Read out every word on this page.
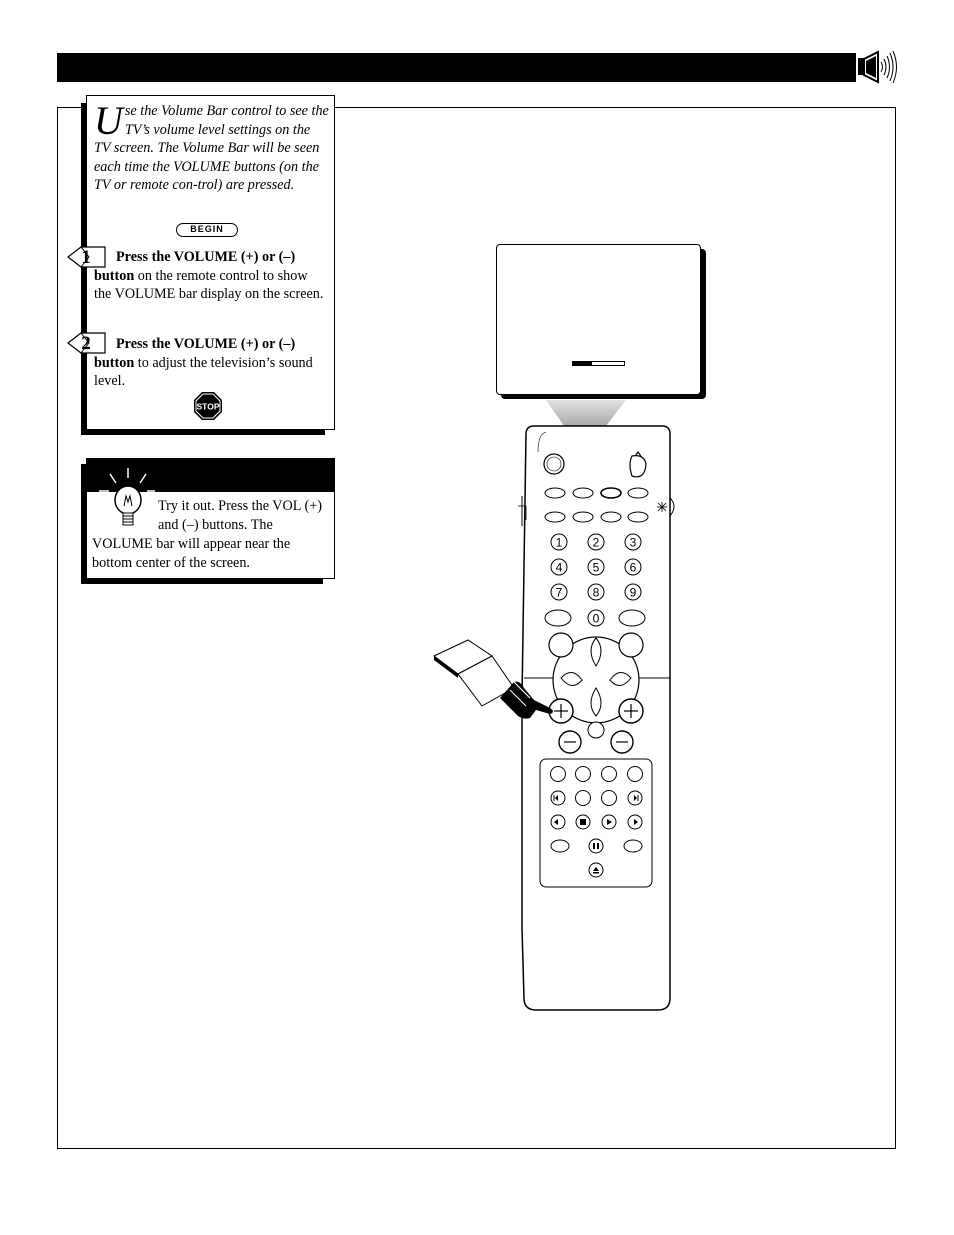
Use the Volume Bar control to see the TV’s volume level settings on the TV screen. The Volume Bar will be seen each time the VOLUME buttons (on the TV or remote con-trol) are pressed.
BEGIN
1	Press the VOLUME (+) or (–) button on the remote control to show the VOLUME bar display on the screen.
2	Press the VOLUME (+) or (–) button to adjust the television’s sound level.
STOP
Try it out. Press the VOL (+) and (–) buttons. The VOLUME bar will appear near the bottom center of the screen.
1	2	3
4	5	6
7	8	9
0
